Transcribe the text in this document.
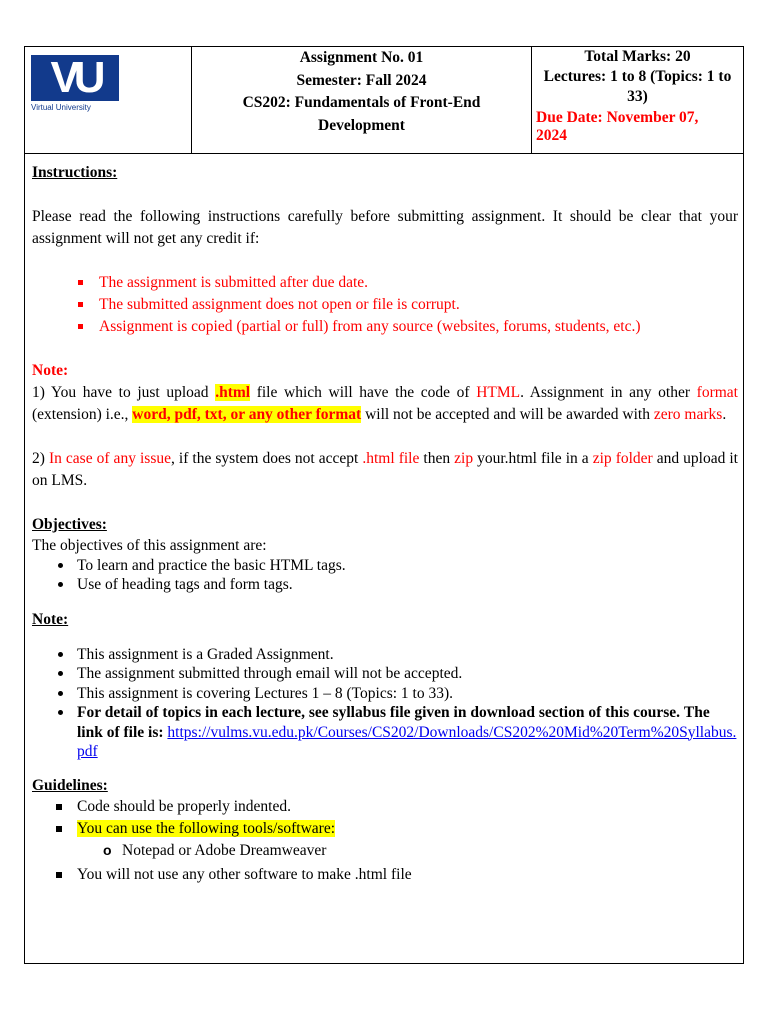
VU
Virtual University
Assignment No. 01
Semester: Fall 2024
CS202: Fundamentals of Front-End
Development
Total Marks: 20
Lectures: 1 to 8 (Topics: 1 to
33)
Due Date: November 07,
2024

Instructions:

Please read the following instructions carefully before submitting assignment. It should be clear that your assignment will not get any credit if:

The assignment is submitted after due date.
The submitted assignment does not open or file is corrupt.
Assignment is copied (partial or full) from any source (websites, forums, students, etc.)

Note:

1) You have to just upload .html file which will have the code of HTML. Assignment in any other format (extension) i.e., word, pdf, txt, or any other format will not be accepted and will be awarded with zero marks.

2) In case of any issue, if the system does not accept .html file then zip your.html file in a zip folder and upload it on LMS.

Objectives:

The objectives of this assignment are:

To learn and practice the basic HTML tags.
Use of heading tags and form tags.

Note:

This assignment is a Graded Assignment.
The assignment submitted through email will not be accepted.
This assignment is covering Lectures 1 – 8 (Topics: 1 to 33).
For detail of topics in each lecture, see syllabus file given in download section of this course. The link of file is: https://vulms.vu.edu.pk/Courses/CS202/Downloads/CS202%20Mid%20Term%20Syllabus.pdf

Guidelines:

Code should be properly indented.
You can use the following tools/software:
o Notepad or Adobe Dreamweaver
You will not use any other software to make .html file
